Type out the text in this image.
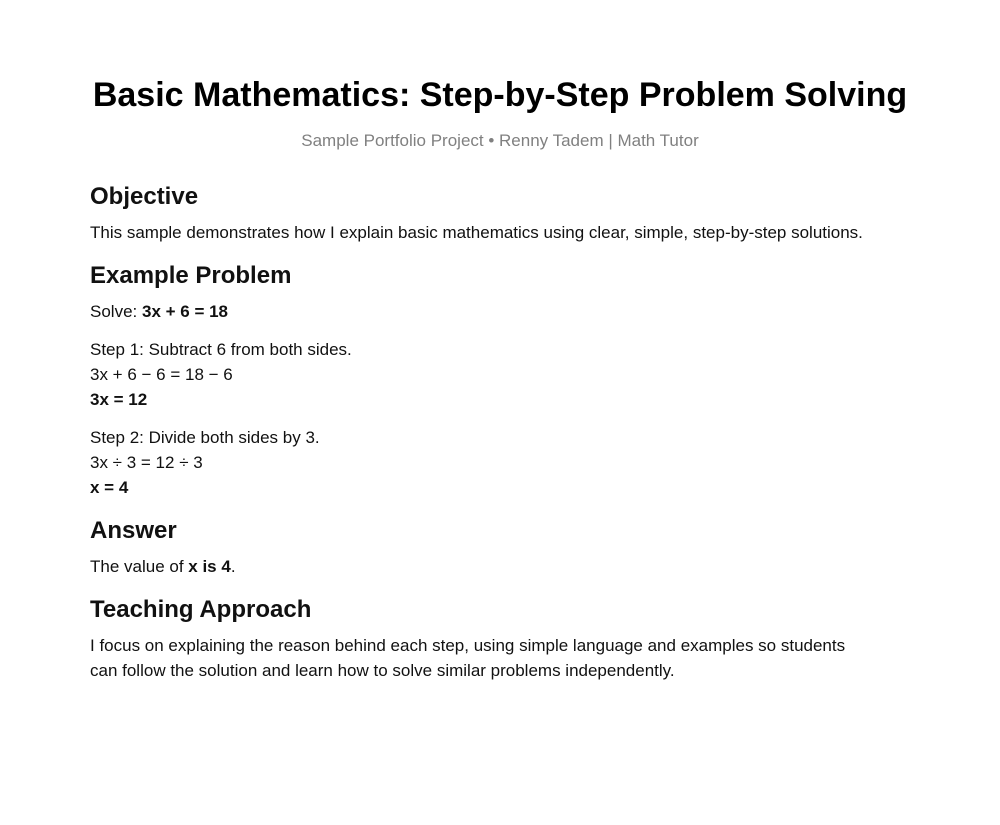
Basic Mathematics: Step-by-Step Problem Solving
Sample Portfolio Project • Renny Tadem | Math Tutor
Objective

This sample demonstrates how I explain basic mathematics using clear, simple, step-by-step solutions.

Example Problem

Solve: 3x + 6 = 18

Step 1: Subtract 6 from both sides.
3x + 6 − 6 = 18 − 6
3x = 12

Step 2: Divide both sides by 3.
3x ÷ 3 = 12 ÷ 3
x = 4

Answer

The value of x is 4.

Teaching Approach

I focus on explaining the reason behind each step, using simple language and examples so students
can follow the solution and learn how to solve similar problems independently.
